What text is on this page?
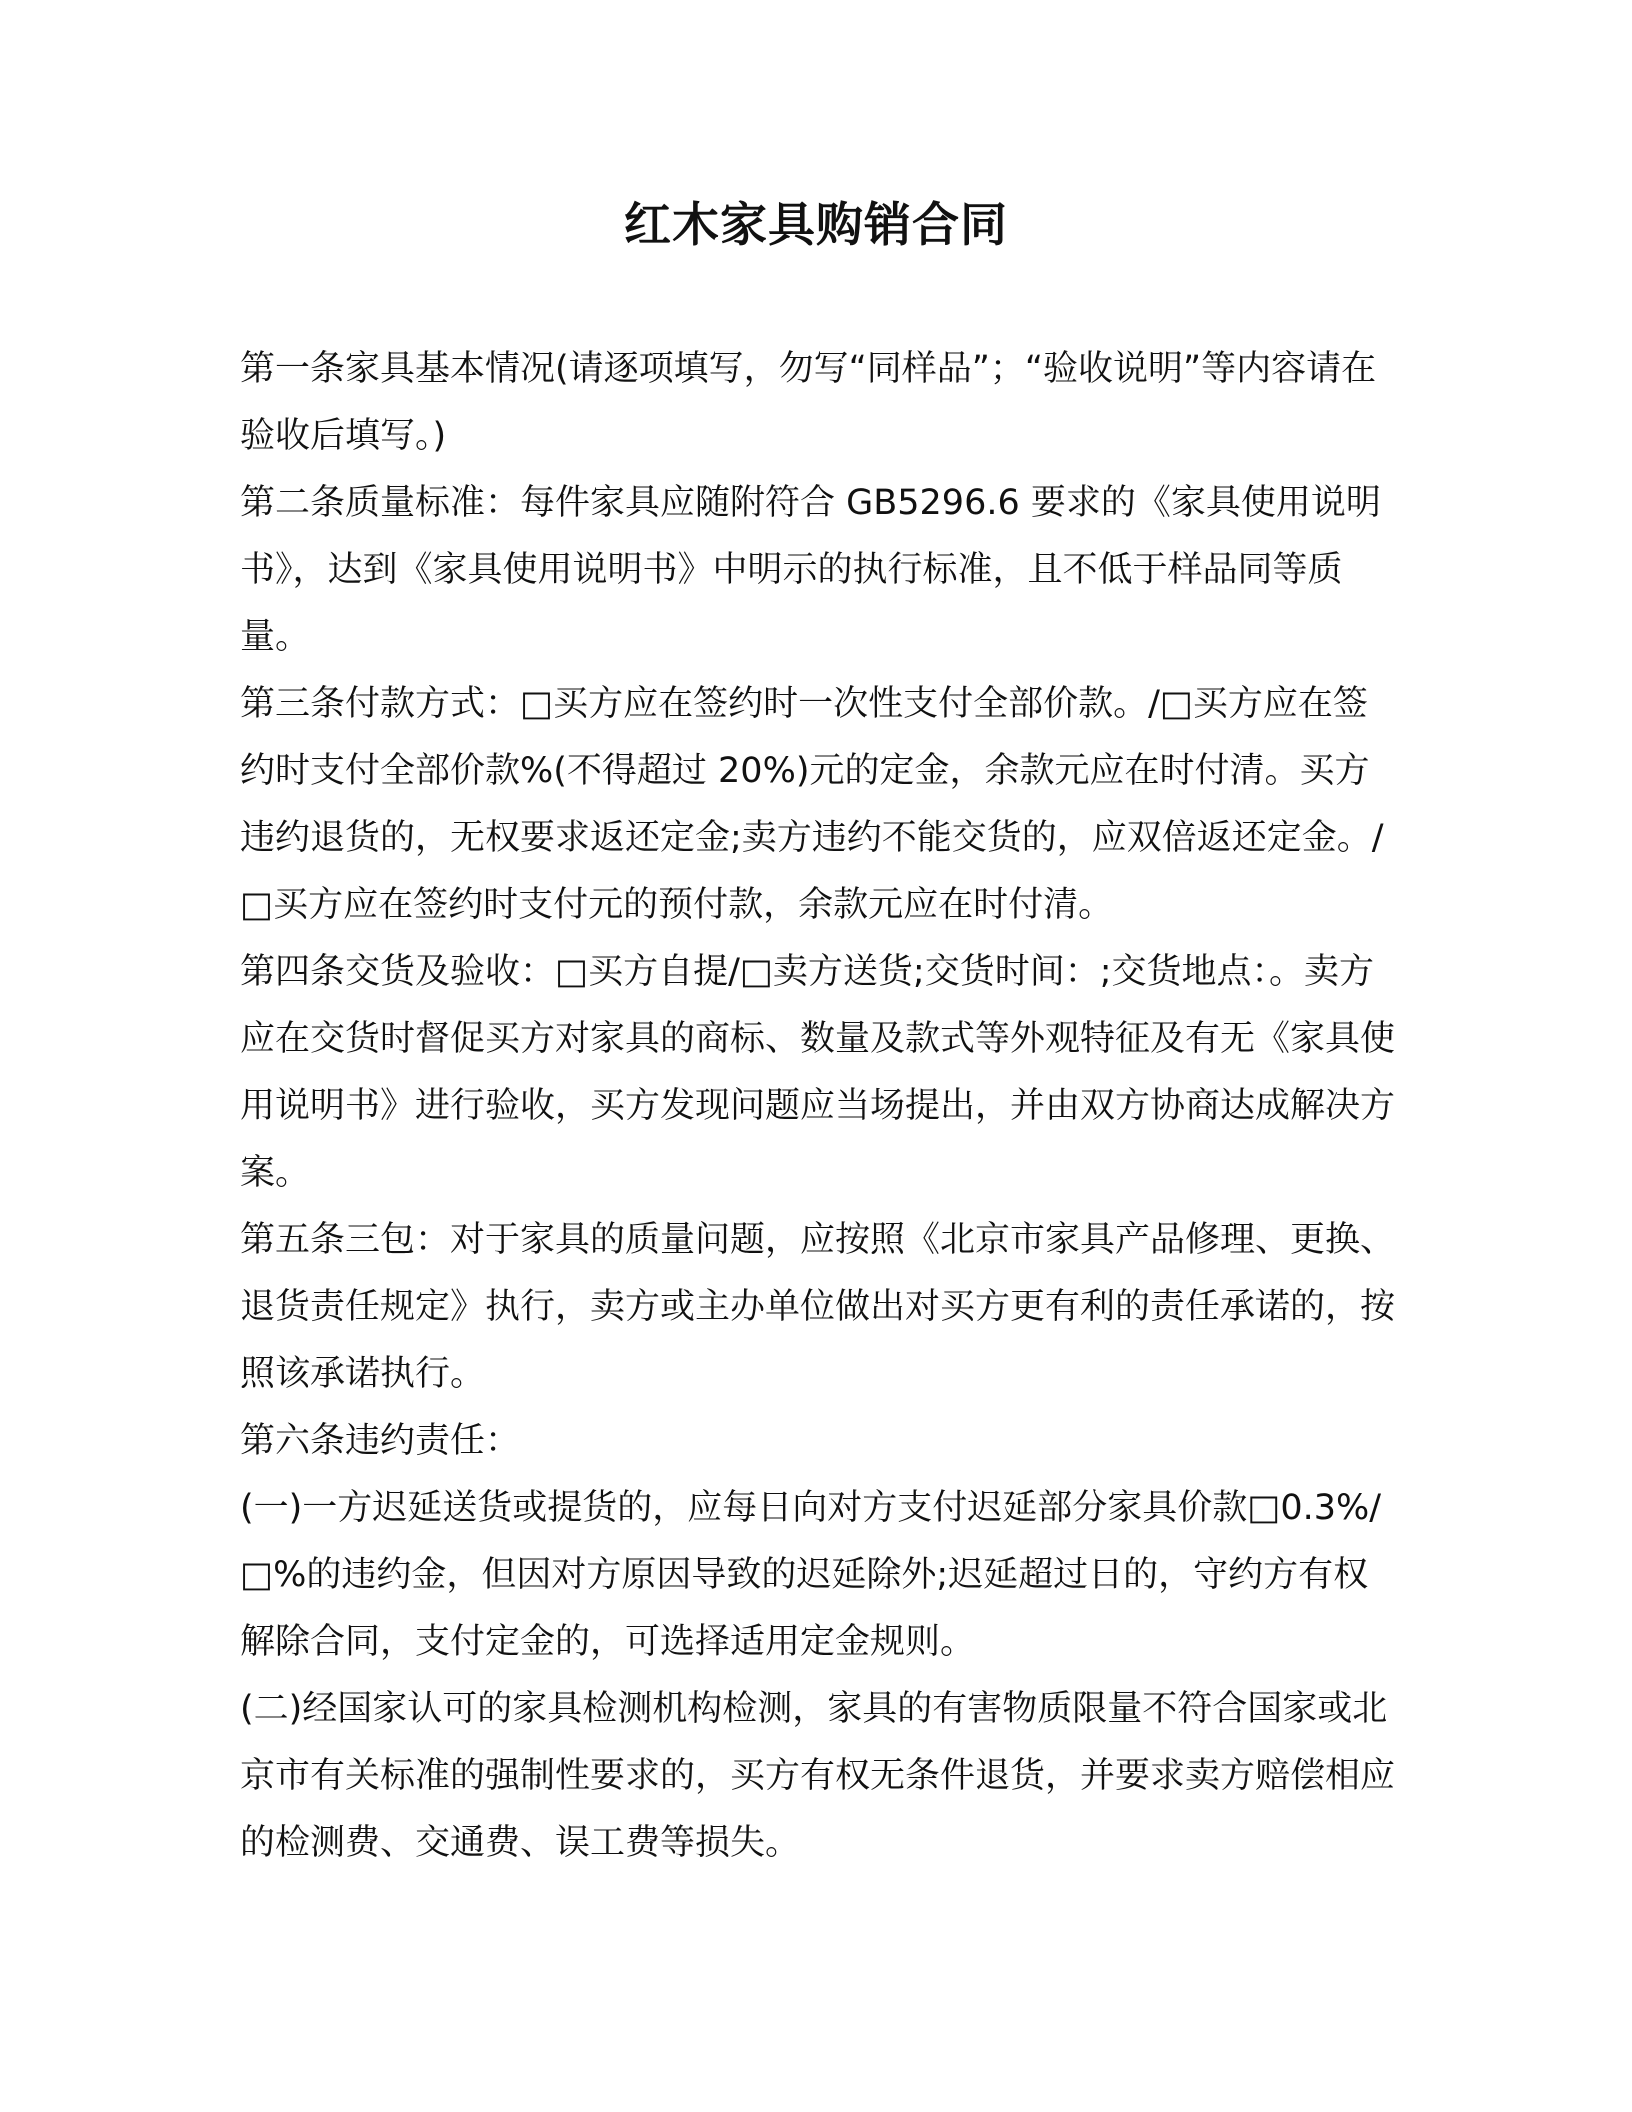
红木家具购销合同

第一条家具基本情况(请逐项填写，勿写“同样品”；“验收说明”等内容请在验收后填写。)

第二条质量标准：每件家具应随附符合 GB5296.6 要求的《家具使用说明书》，达到《家具使用说明书》中明示的执行标准，且不低于样品同等质量。

第三条付款方式：□买方应在签约时一次性支付全部价款。/□买方应在签约时支付全部价款%(不得超过 20%)元的定金，余款元应在时付清。买方违约退货的，无权要求返还定金;卖方违约不能交货的，应双倍返还定金。/□买方应在签约时支付元的预付款，余款元应在时付清。

第四条交货及验收：□买方自提/□卖方送货;交货时间：;交货地点：。卖方应在交货时督促买方对家具的商标、数量及款式等外观特征及有无《家具使用说明书》进行验收，买方发现问题应当场提出，并由双方协商达成解决方案。

第五条三包：对于家具的质量问题，应按照《北京市家具产品修理、更换、退货责任规定》执行，卖方或主办单位做出对买方更有利的责任承诺的，按照该承诺执行。

第六条违约责任：

(一)一方迟延送货或提货的，应每日向对方支付迟延部分家具价款□0.3%/□%的违约金，但因对方原因导致的迟延除外;迟延超过日的，守约方有权解除合同，支付定金的，可选择适用定金规则。

(二)经国家认可的家具检测机构检测，家具的有害物质限量不符合国家或北京市有关标准的强制性要求的，买方有权无条件退货，并要求卖方赔偿相应的检测费、交通费、误工费等损失。
